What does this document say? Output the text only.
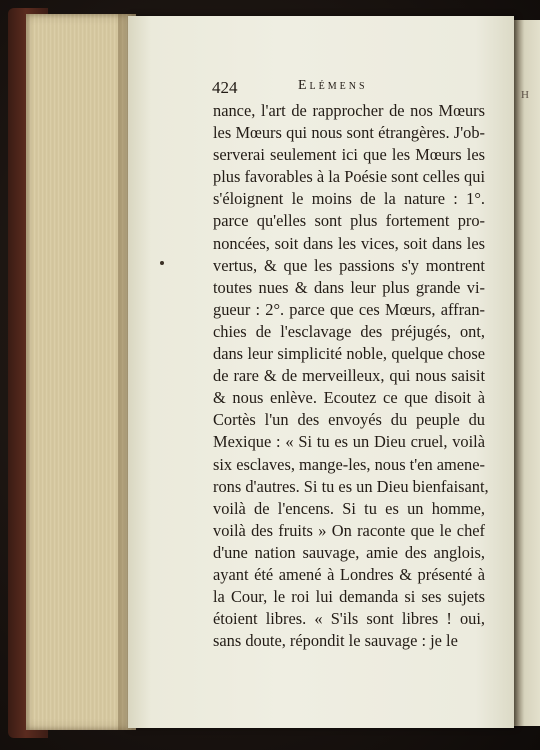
H
424	Elémens
nance, l'art de rapprocher de nos Mœurs
les Mœurs qui nous sont étrangères. J'ob-
serverai seulement ici que les Mœurs les
plus favorables à la Poésie sont celles qui
s'éloignent le moins de la nature : 1°.
parce qu'elles sont plus fortement pro-
noncées, soit dans les vices, soit dans les
vertus, & que les passions s'y montrent
toutes nues & dans leur plus grande vi-
gueur : 2°. parce que ces Mœurs, affran-
chies de l'esclavage des préjugés, ont,
dans leur simplicité noble, quelque chose
de rare & de merveilleux, qui nous saisit
& nous enlève. Ecoutez ce que disoit à
Cortès l'un des envoyés du peuple du
Mexique : « Si tu es un Dieu cruel, voilà
six esclaves, mange-les, nous t'en amene-
rons d'autres. Si tu es un Dieu bienfaisant,
voilà de l'encens. Si tu es un homme,
voilà des fruits » On raconte que le chef
d'une nation sauvage, amie des anglois,
ayant été amené à Londres & présenté à
la Cour, le roi lui demanda si ses sujets
étoient libres. « S'ils sont libres ! oui,
sans doute, répondit le sauvage : je le
